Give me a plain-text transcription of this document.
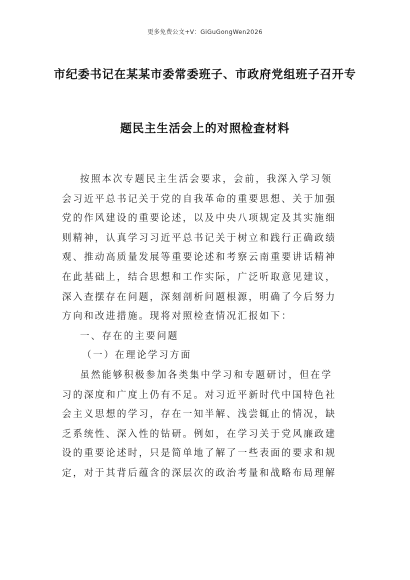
更多免费公文+V：GiGuGongWen2026
市纪委书记在某某市委常委班子、市政府党组班子召开专
题民主生活会上的对照检查材料
按照本次专题民主生活会要求，会前，我深入学习领
会习近平总书记关于党的自我革命的重要思想、关于加强
党的作风建设的重要论述，以及中央八项规定及其实施细
则精神，认真学习习近平总书记关于树立和践行正确政绩
观、推动高质量发展等重要论述和考察云南重要讲话精神
在此基础上，结合思想和工作实际，广泛听取意见建议，
深入查摆存在问题，深刻剖析问题根源，明确了今后努力
方向和改进措施。现将对照检查情况汇报如下：
一、存在的主要问题
（一）在理论学习方面
虽然能够积极参加各类集中学习和专题研讨，但在学
习的深度和广度上仍有不足。对习近平新时代中国特色社
会主义思想的学习，存在一知半解、浅尝辄止的情况，缺
乏系统性、深入性的钻研。例如，在学习关于党风廉政建
设的重要论述时，只是简单地了解了一些表面的要求和规
定，对于其背后蕴含的深层次的政治考量和战略布局理解
